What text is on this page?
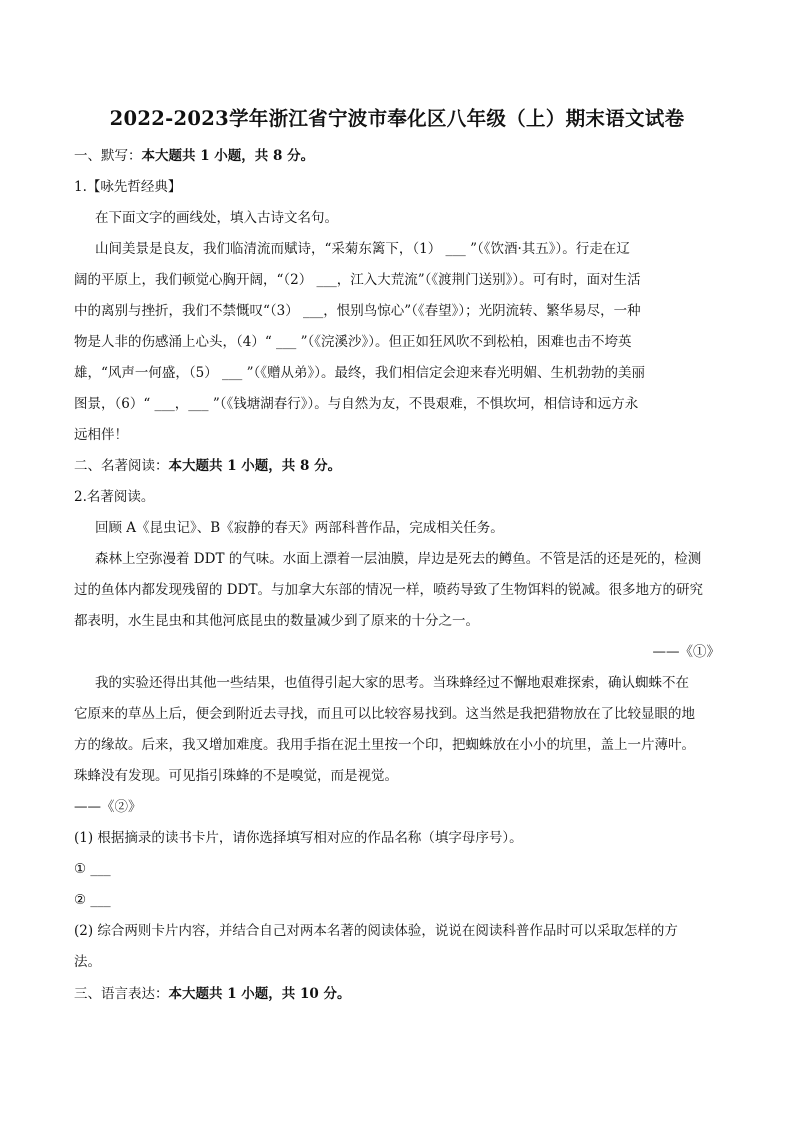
2022-2023学年浙江省宁波市奉化区八年级（上）期末语文试卷
一、默写：本大题共 1 小题，共 8 分。
1.【咏先哲经典】
在下面文字的画线处，填入古诗文名句。
山间美景是良友，我们临清流而赋诗，“采菊东篱下，（1） ___ ”（《饮酒·其五》）。行走在辽
阔的平原上，我们顿觉心胸开阔，“（2） ___，江入大荒流”（《渡荆门送别》）。可有时，面对生活
中的离别与挫折，我们不禁慨叹“（3） ___，恨别鸟惊心”（《春望》）；光阴流转、繁华易尽，一种
物是人非的伤感涌上心头，（4）“ ___ ”（《浣溪沙》）。但正如狂风吹不到松柏，困难也击不垮英
雄，“风声一何盛，（5） ___ ”（《赠从弟》）。最终，我们相信定会迎来春光明媚、生机勃勃的美丽
图景，（6）“ ___，___ ”（《钱塘湖春行》）。与自然为友，不畏艰难，不惧坎坷，相信诗和远方永
远相伴！
二、名著阅读：本大题共 1 小题，共 8 分。
2.名著阅读。
回顾 A《昆虫记》、B《寂静的春天》两部科普作品，完成相关任务。
森林上空弥漫着 DDT 的气味。水面上漂着一层油膜，岸边是死去的鳟鱼。不管是活的还是死的，检测
过的鱼体内都发现残留的 DDT。与加拿大东部的情况一样，喷药导致了生物饵料的锐减。很多地方的研究
都表明，水生昆虫和其他河底昆虫的数量减少到了原来的十分之一。
——《①》
我的实验还得出其他一些结果，也值得引起大家的思考。当珠蜂经过不懈地艰难探索，确认蜘蛛不在
它原来的草丛上后，便会到附近去寻找，而且可以比较容易找到。这当然是我把猎物放在了比较显眼的地
方的缘故。后来，我又增加难度。我用手指在泥土里按一个印，把蜘蛛放在小小的坑里，盖上一片薄叶。
珠蜂没有发现。可见指引珠蜂的不是嗅觉，而是视觉。
——《②》
(1) 根据摘录的读书卡片，请你选择填写相对应的作品名称（填字母序号）。
① ___
② ___
(2) 综合两则卡片内容，并结合自己对两本名著的阅读体验，说说在阅读科普作品时可以采取怎样的方
法。
三、语言表达：本大题共 1 小题，共 10 分。
